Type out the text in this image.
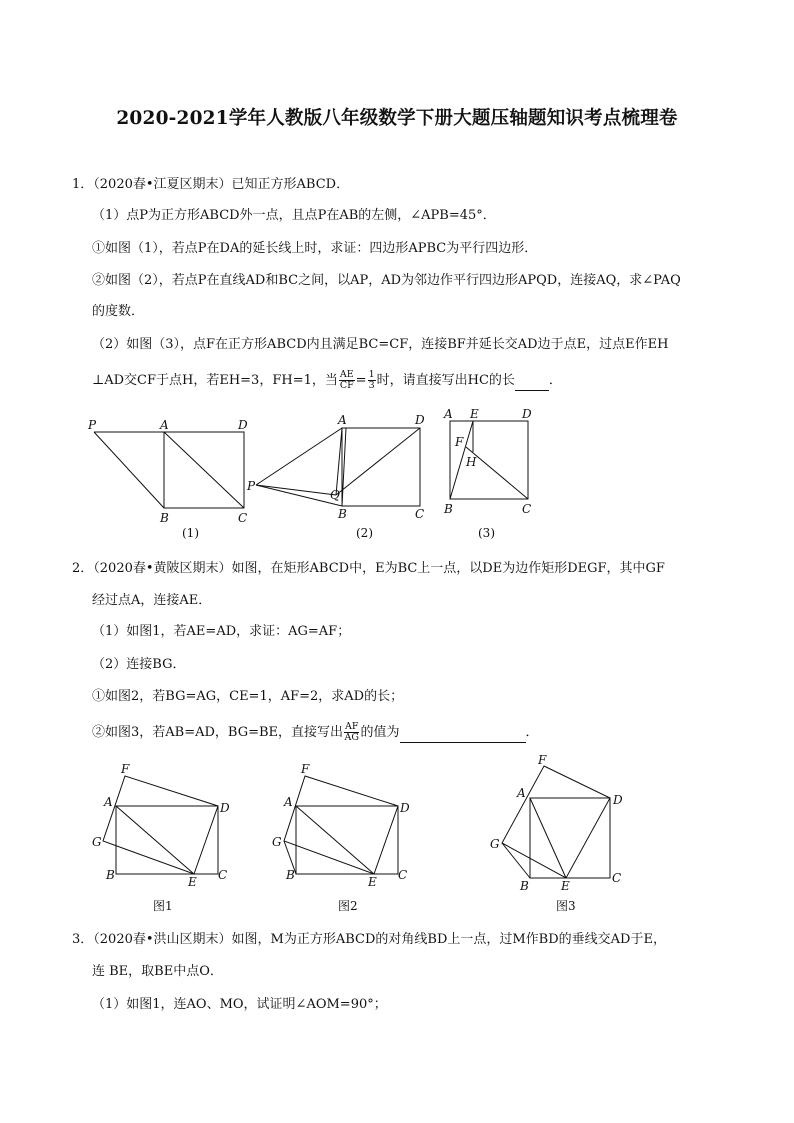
2020-2021学年人教版八年级数学下册大题压轴题知识考点梳理卷
1．（2020春•江夏区期末）已知正方形ABCD．
（1）点P为正方形ABCD外一点，且点P在AB的左侧，∠APB=45°．
①如图（1），若点P在DA的延长线上时，求证：四边形APBC为平行四边形．
②如图（2），若点P在直线AD和BC之间，以AP，AD为邻边作平行四边形APQD，连接AQ，求∠PAQ
的度数．
（2）如图（3），点F在正方形ABCD内且满足BC=CF，连接BF并延长交AD边于点E，过点E作EH
⊥AD交CF于点H，若EH=3，FH=1，当 $\frac{AE}{CF} = \frac{1}{3}$ 时，请直接写出HC的长	．
P	A	D
B	C
(1)
A	D
P
Q
B	C
(2)
A E	D
F
H
B	C
(3)
2．（2020春•黄陂区期末）如图，在矩形ABCD中，E为BC上一点，以DE为边作矩形DEGF，其中GF
经过点A，连接AE．
（1）如图1，若AE=AD，求证：AG=AF；
（2）连接BG．
①如图2，若BG=AG，CE=1，AF=2，求AD的长；
②如图3，若AB=AD，BG=BE，直接写出 $\frac{AF}{AG}$ 的值为	．
F
A	D
G
B	E C
图1
F
A	D
G
B	E C
图2
F
A	D
G
B	E
C
图3
3．（2020春•洪山区期末）如图，M为正方形ABCD的对角线BD上一点，过M作BD的垂线交AD于E，
连 BE，取BE中点O．
（1）如图1，连AO、MO，试证明∠AOM=90°；
